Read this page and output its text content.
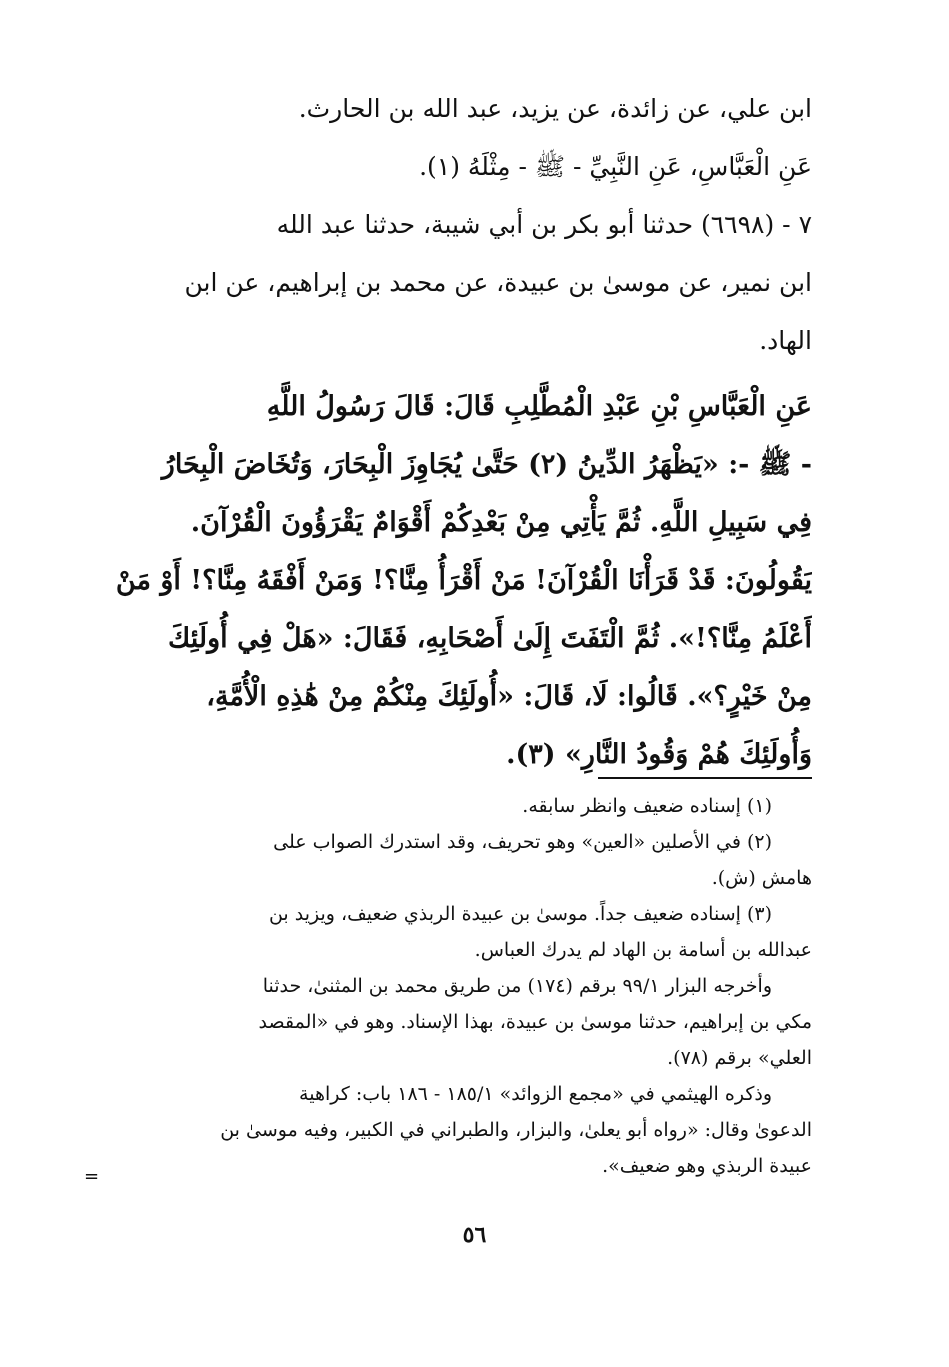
ابن علي، عن زائدة، عن يزيد، عبد الله بن الحارث.
عَنِ الْعَبَّاسِ، عَنِ النَّبِيِّ - ﷺ - مِثْلَهُ (١).
٧ - (٦٦٩٨) حدثنا أبو بكر بن أبي شيبة، حدثنا عبد الله
ابن نمير، عن موسىٰ بن عبيدة، عن محمد بن إبراهيم، عن ابن
الهاد.
عَنِ الْعَبَّاسِ بْنِ عَبْدِ الْمُطَّلِبِ قَالَ: قَالَ رَسُولُ اللَّهِ
- ﷺ -: «يَظْهَرُ الدِّينُ (٢) حَتَّىٰ يُجَاوِزَ الْبِحَارَ، وَتُخَاضَ الْبِحَارُ
فِي سَبِيلِ اللَّهِ. ثُمَّ يَأْتِي مِنْ بَعْدِكُمْ أَقْوَامٌ يَقْرَؤُونَ الْقُرْآنَ.
يَقُولُونَ: قَدْ قَرَأْنَا الْقُرْآنَ! مَنْ أَقْرَأُ مِنَّا؟! وَمَنْ أَفْقَهُ مِنَّا؟! أَوْ مَنْ
أَعْلَمُ مِنَّا؟!». ثُمَّ الْتَفَتَ إِلَىٰ أَصْحَابِهِ، فَقَالَ: «هَلْ فِي أُولَئِكَ
مِنْ خَيْرٍ؟». قَالُوا: لَا، قَالَ: «أُولَئِكَ مِنْكُمْ مِنْ هَٰذِهِ الْأُمَّةِ،
وَأُولَئِكَ هُمْ وَقُودُ النَّارِ» (٣).
(١) إسناده ضعيف وانظر سابقه.
(٢) في الأصلين «العين» وهو تحريف، وقد استدرك الصواب على
هامش (ش).
(٣) إسناده ضعيف جداً. موسىٰ بن عبيدة الربذي ضعيف، ويزيد بن
عبدالله بن أسامة بن الهاد لم يدرك العباس.
وأخرجه البزار ٩٩/١ برقم (١٧٤) من طريق محمد بن المثنىٰ، حدثنا
مكي بن إبراهيم، حدثنا موسىٰ بن عبيدة، بهذا الإسناد. وهو في «المقصد
العلي» برقم (٧٨).
وذكره الهيثمي في «مجمع الزوائد» ١٨٥/١ - ١٨٦ باب: كراهية
الدعوىٰ وقال: «رواه أبو يعلىٰ، والبزار، والطبراني في الكبير، وفيه موسىٰ بن
عبيدة الربذي وهو ضعيف».
=
٥٦
